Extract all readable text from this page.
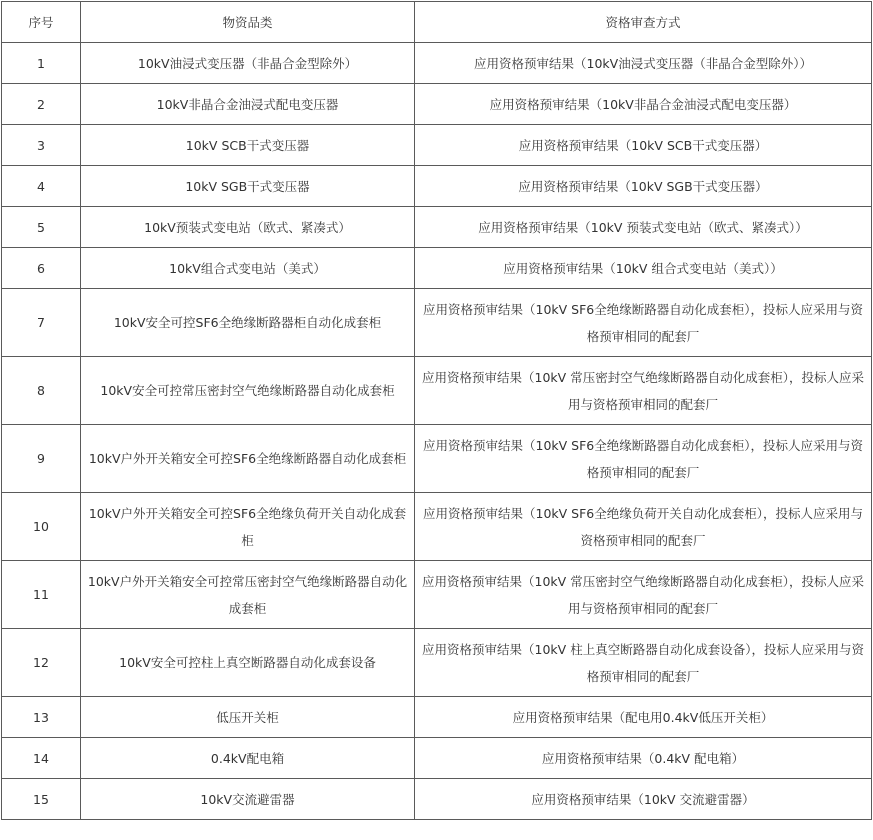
序号	物资品类	资格审查方式
1	10kV油浸式变压器（非晶合金型除外）	应用资格预审结果（10kV油浸式变压器（非晶合金型除外））
2	10kV非晶合金油浸式配电变压器	应用资格预审结果（10kV非晶合金油浸式配电变压器）
3	10kV SCB干式变压器	应用资格预审结果（10kV SCB干式变压器）
4	10kV SGB干式变压器	应用资格预审结果（10kV SGB干式变压器）
5	10kV预装式变电站（欧式、紧凑式）	应用资格预审结果（10kV 预装式变电站（欧式、紧凑式））
6	10kV组合式变电站（美式）	应用资格预审结果（10kV 组合式变电站（美式））
7	10kV安全可控SF6全绝缘断路器柜自动化成套柜	应用资格预审结果（10kV SF6全绝缘断路器自动化成套柜），投标人应采用与资格预审相同的配套厂
8	10kV安全可控常压密封空气绝缘断路器自动化成套柜	应用资格预审结果（10kV 常压密封空气绝缘断路器自动化成套柜），投标人应采用与资格预审相同的配套厂
9	10kV户外开关箱安全可控SF6全绝缘断路器自动化成套柜	应用资格预审结果（10kV SF6全绝缘断路器自动化成套柜），投标人应采用与资格预审相同的配套厂
10	10kV户外开关箱安全可控SF6全绝缘负荷开关自动化成套柜	应用资格预审结果（10kV SF6全绝缘负荷开关自动化成套柜），投标人应采用与资格预审相同的配套厂
11	10kV户外开关箱安全可控常压密封空气绝缘断路器自动化成套柜	应用资格预审结果（10kV 常压密封空气绝缘断路器自动化成套柜），投标人应采用与资格预审相同的配套厂
12	10kV安全可控柱上真空断路器自动化成套设备	应用资格预审结果（10kV 柱上真空断路器自动化成套设备），投标人应采用与资格预审相同的配套厂
13	低压开关柜	应用资格预审结果（配电用0.4kV低压开关柜）
14	0.4kV配电箱	应用资格预审结果（0.4kV 配电箱）
15	10kV交流避雷器	应用资格预审结果（10kV 交流避雷器）
